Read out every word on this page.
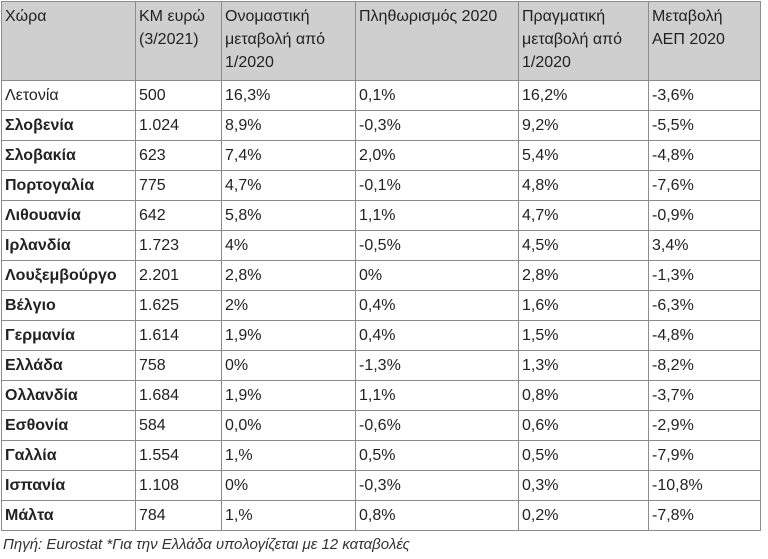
Χώρα	ΚΜ ευρώ (3/2021)	Ονομαστική μεταβολή από 1/2020	Πληθωρισμός 2020	Πραγματική μεταβολή από 1/2020	Μεταβολή ΑΕΠ 2020
Λετονία	500	16,3%	0,1%	16,2%	-3,6%
Σλοβενία	1.024	8,9%	-0,3%	9,2%	-5,5%
Σλοβακία	623	7,4%	2,0%	5,4%	-4,8%
Πορτογαλία	775	4,7%	-0,1%	4,8%	-7,6%
Λιθουανία	642	5,8%	1,1%	4,7%	-0,9%
Ιρλανδία	1.723	4%	-0,5%	4,5%	3,4%
Λουξεμβούργο	2.201	2,8%	0%	2,8%	-1,3%
Βέλγιο	1.625	2%	0,4%	1,6%	-6,3%
Γερμανία	1.614	1,9%	0,4%	1,5%	-4,8%
Ελλάδα	758	0%	-1,3%	1,3%	-8,2%
Ολλανδία	1.684	1,9%	1,1%	0,8%	-3,7%
Εσθονία	584	0,0%	-0,6%	0,6%	-2,9%
Γαλλία	1.554	1,%	0,5%	0,5%	-7,9%
Ισπανία	1.108	0%	-0,3%	0,3%	-10,8%
Μάλτα	784	1,%	0,8%	0,2%	-7,8%
Πηγή: Eurostat *Για την Ελλάδα υπολογίζεται με 12 καταβολές
